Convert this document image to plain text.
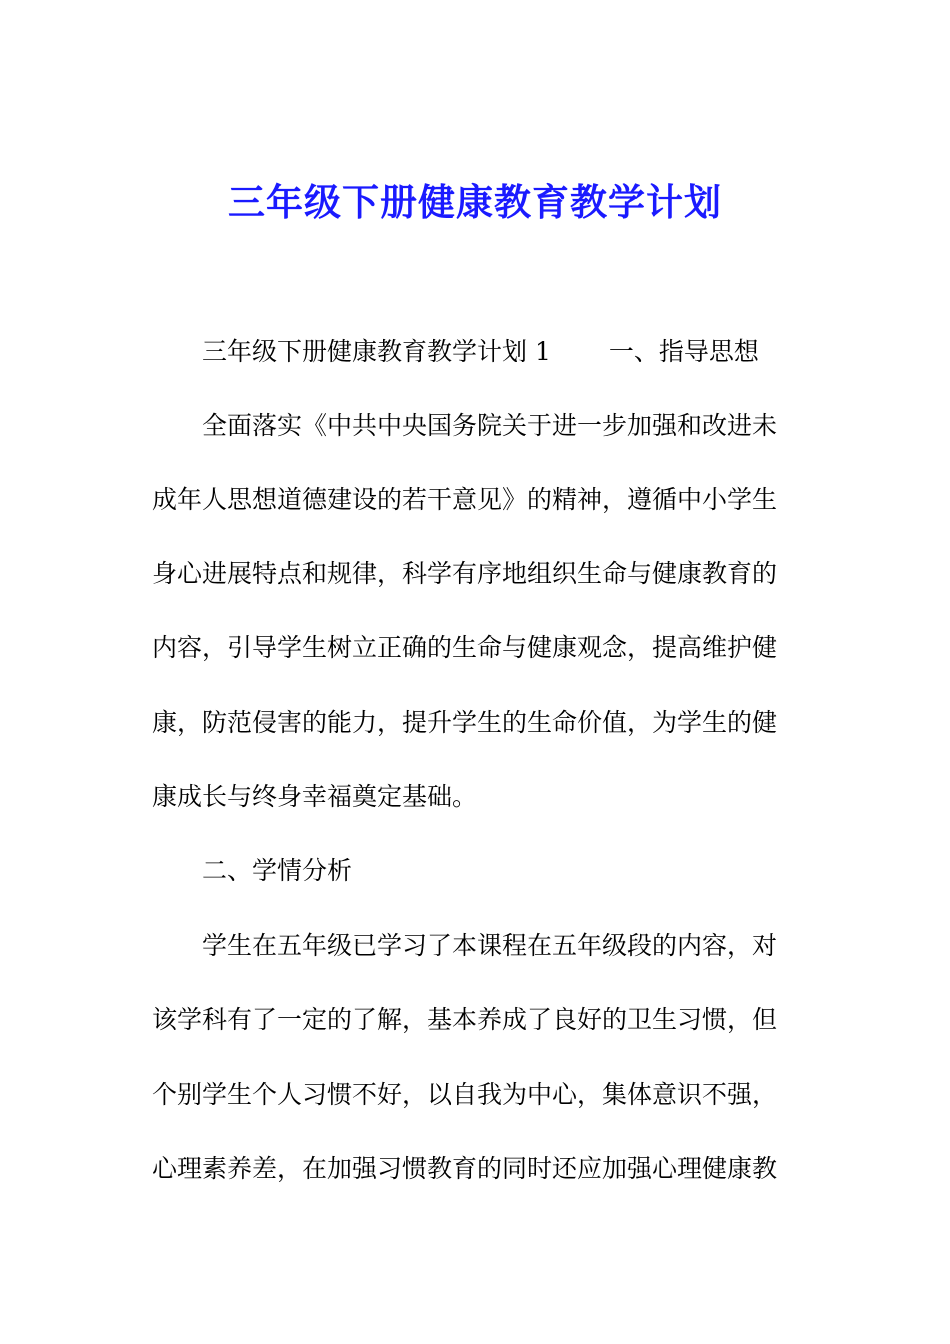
三年级下册健康教育教学计划

三年级下册健康教育教学计划 1 一、指导思想

全面落实《中共中央国务院关于进一步加强和改进未

成年人思想道德建设的若干意见》的精神，遵循中小学生

身心进展特点和规律，科学有序地组织生命与健康教育的

内容，引导学生树立正确的生命与健康观念，提高维护健

康，防范侵害的能力，提升学生的生命价值，为学生的健

康成长与终身幸福奠定基础。

二、学情分析

学生在五年级已学习了本课程在五年级段的内容，对

该学科有了一定的了解，基本养成了良好的卫生习惯，但

个别学生个人习惯不好，以自我为中心，集体意识不强，

心理素养差，在加强习惯教育的同时还应加强心理健康教
